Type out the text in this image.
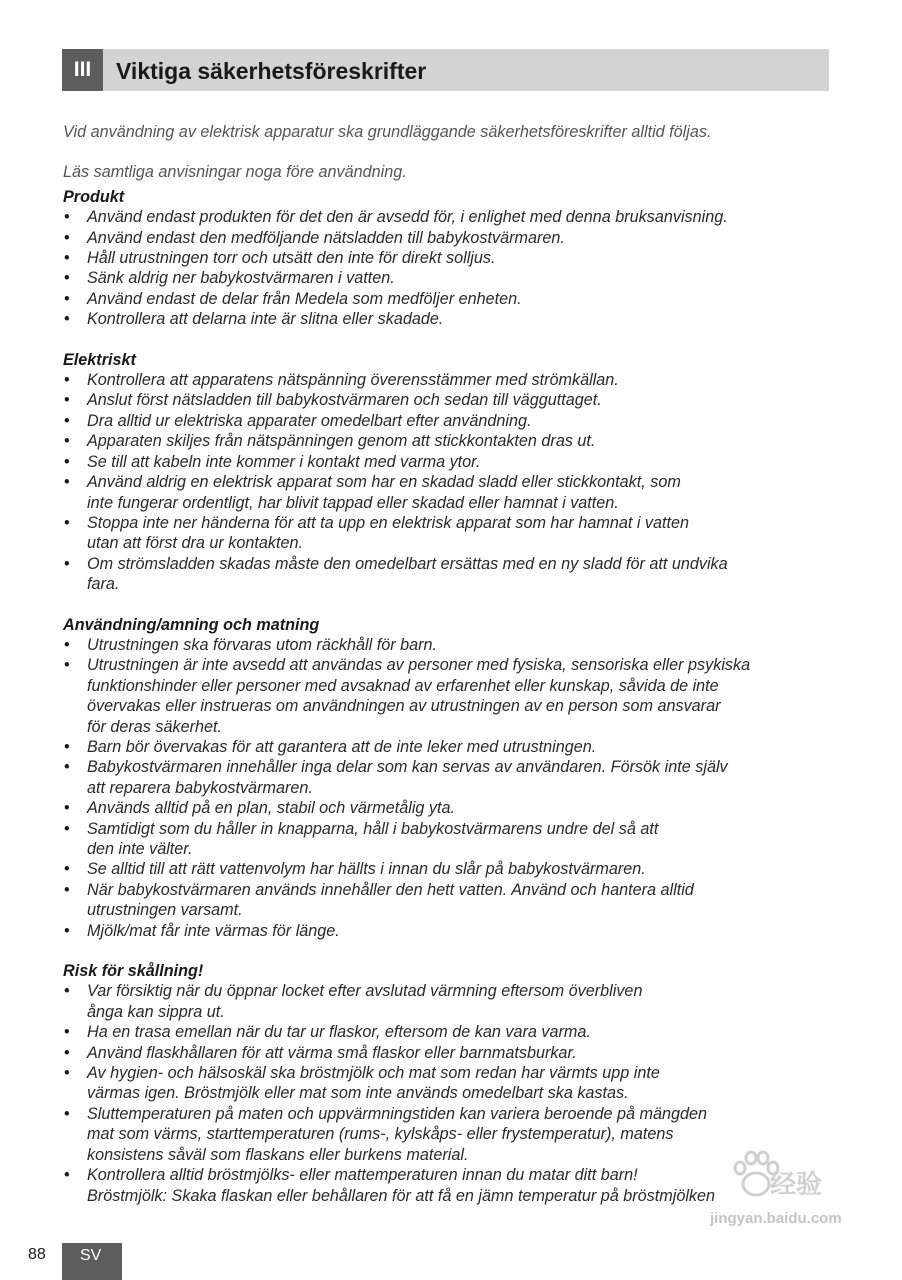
III	Viktiga säkerhetsföreskrifter

Vid användning av elektrisk apparatur ska grundläggande säkerhetsföreskrifter alltid följas.

Läs samtliga anvisningar noga före användning.

Produkt
• Använd endast produkten för det den är avsedd för, i enlighet med denna bruksanvisning.
• Använd endast den medföljande nätsladden till babykostvärmaren.
• Håll utrustningen torr och utsätt den inte för direkt solljus.
• Sänk aldrig ner babykostvärmaren i vatten.
• Använd endast de delar från Medela som medföljer enheten.
• Kontrollera att delarna inte är slitna eller skadade.
Elektriskt
• Kontrollera att apparatens nätspänning överensstämmer med strömkällan.
• Anslut först nätsladden till babykostvärmaren och sedan till vägguttaget.
• Dra alltid ur elektriska apparater omedelbart efter användning.
• Apparaten skiljes från nätspänningen genom att stickkontakten dras ut.
• Se till att kabeln inte kommer i kontakt med varma ytor.
• Använd aldrig en elektrisk apparat som har en skadad sladd eller stickkontakt, som
inte fungerar ordentligt, har blivit tappad eller skadad eller hamnat i vatten.
• Stoppa inte ner händerna för att ta upp en elektrisk apparat som har hamnat i vatten
utan att först dra ur kontakten.
• Om strömsladden skadas måste den omedelbart ersättas med en ny sladd för att undvika
fara.
Användning/amning och matning
• Utrustningen ska förvaras utom räckhåll för barn.
• Utrustningen är inte avsedd att användas av personer med fysiska, sensoriska eller psykiska
funktionshinder eller personer med avsaknad av erfarenhet eller kunskap, såvida de inte
övervakas eller instrueras om användningen av utrustningen av en person som ansvarar
för deras säkerhet.
• Barn bör övervakas för att garantera att de inte leker med utrustningen.
• Babykostvärmaren innehåller inga delar som kan servas av användaren. Försök inte själv
att reparera babykostvärmaren.
• Används alltid på en plan, stabil och värmetålig yta.
• Samtidigt som du håller in knapparna, håll i babykostvärmarens undre del så att
den inte välter.
• Se alltid till att rätt vattenvolym har hällts i innan du slår på babykostvärmaren.
• När babykostvärmaren används innehåller den hett vatten. Använd och hantera alltid
utrustningen varsamt.
• Mjölk/mat får inte värmas för länge.
Risk för skållning!
• Var försiktig när du öppnar locket efter avslutad värmning eftersom överbliven
ånga kan sippra ut.
• Ha en trasa emellan när du tar ur flaskor, eftersom de kan vara varma.
• Använd flaskhållaren för att värma små flaskor eller barnmatsburkar.
• Av hygien- och hälsoskäl ska bröstmjölk och mat som redan har värmts upp inte
värmas igen. Bröstmjölk eller mat som inte används omedelbart ska kastas.
• Sluttemperaturen på maten och uppvärmningstiden kan variera beroende på mängden
mat som värms, starttemperaturen (rums-, kylskåps- eller frystemperatur), matens
konsistens såväl som flaskans eller burkens material.
• Kontrollera alltid bröstmjölks- eller mattemperaturen innan du matar ditt barn!
Bröstmjölk: Skaka flaskan eller behållaren för att få en jämn temperatur på bröstmjölken
88	SV
经验
jingyan.baidu.com
